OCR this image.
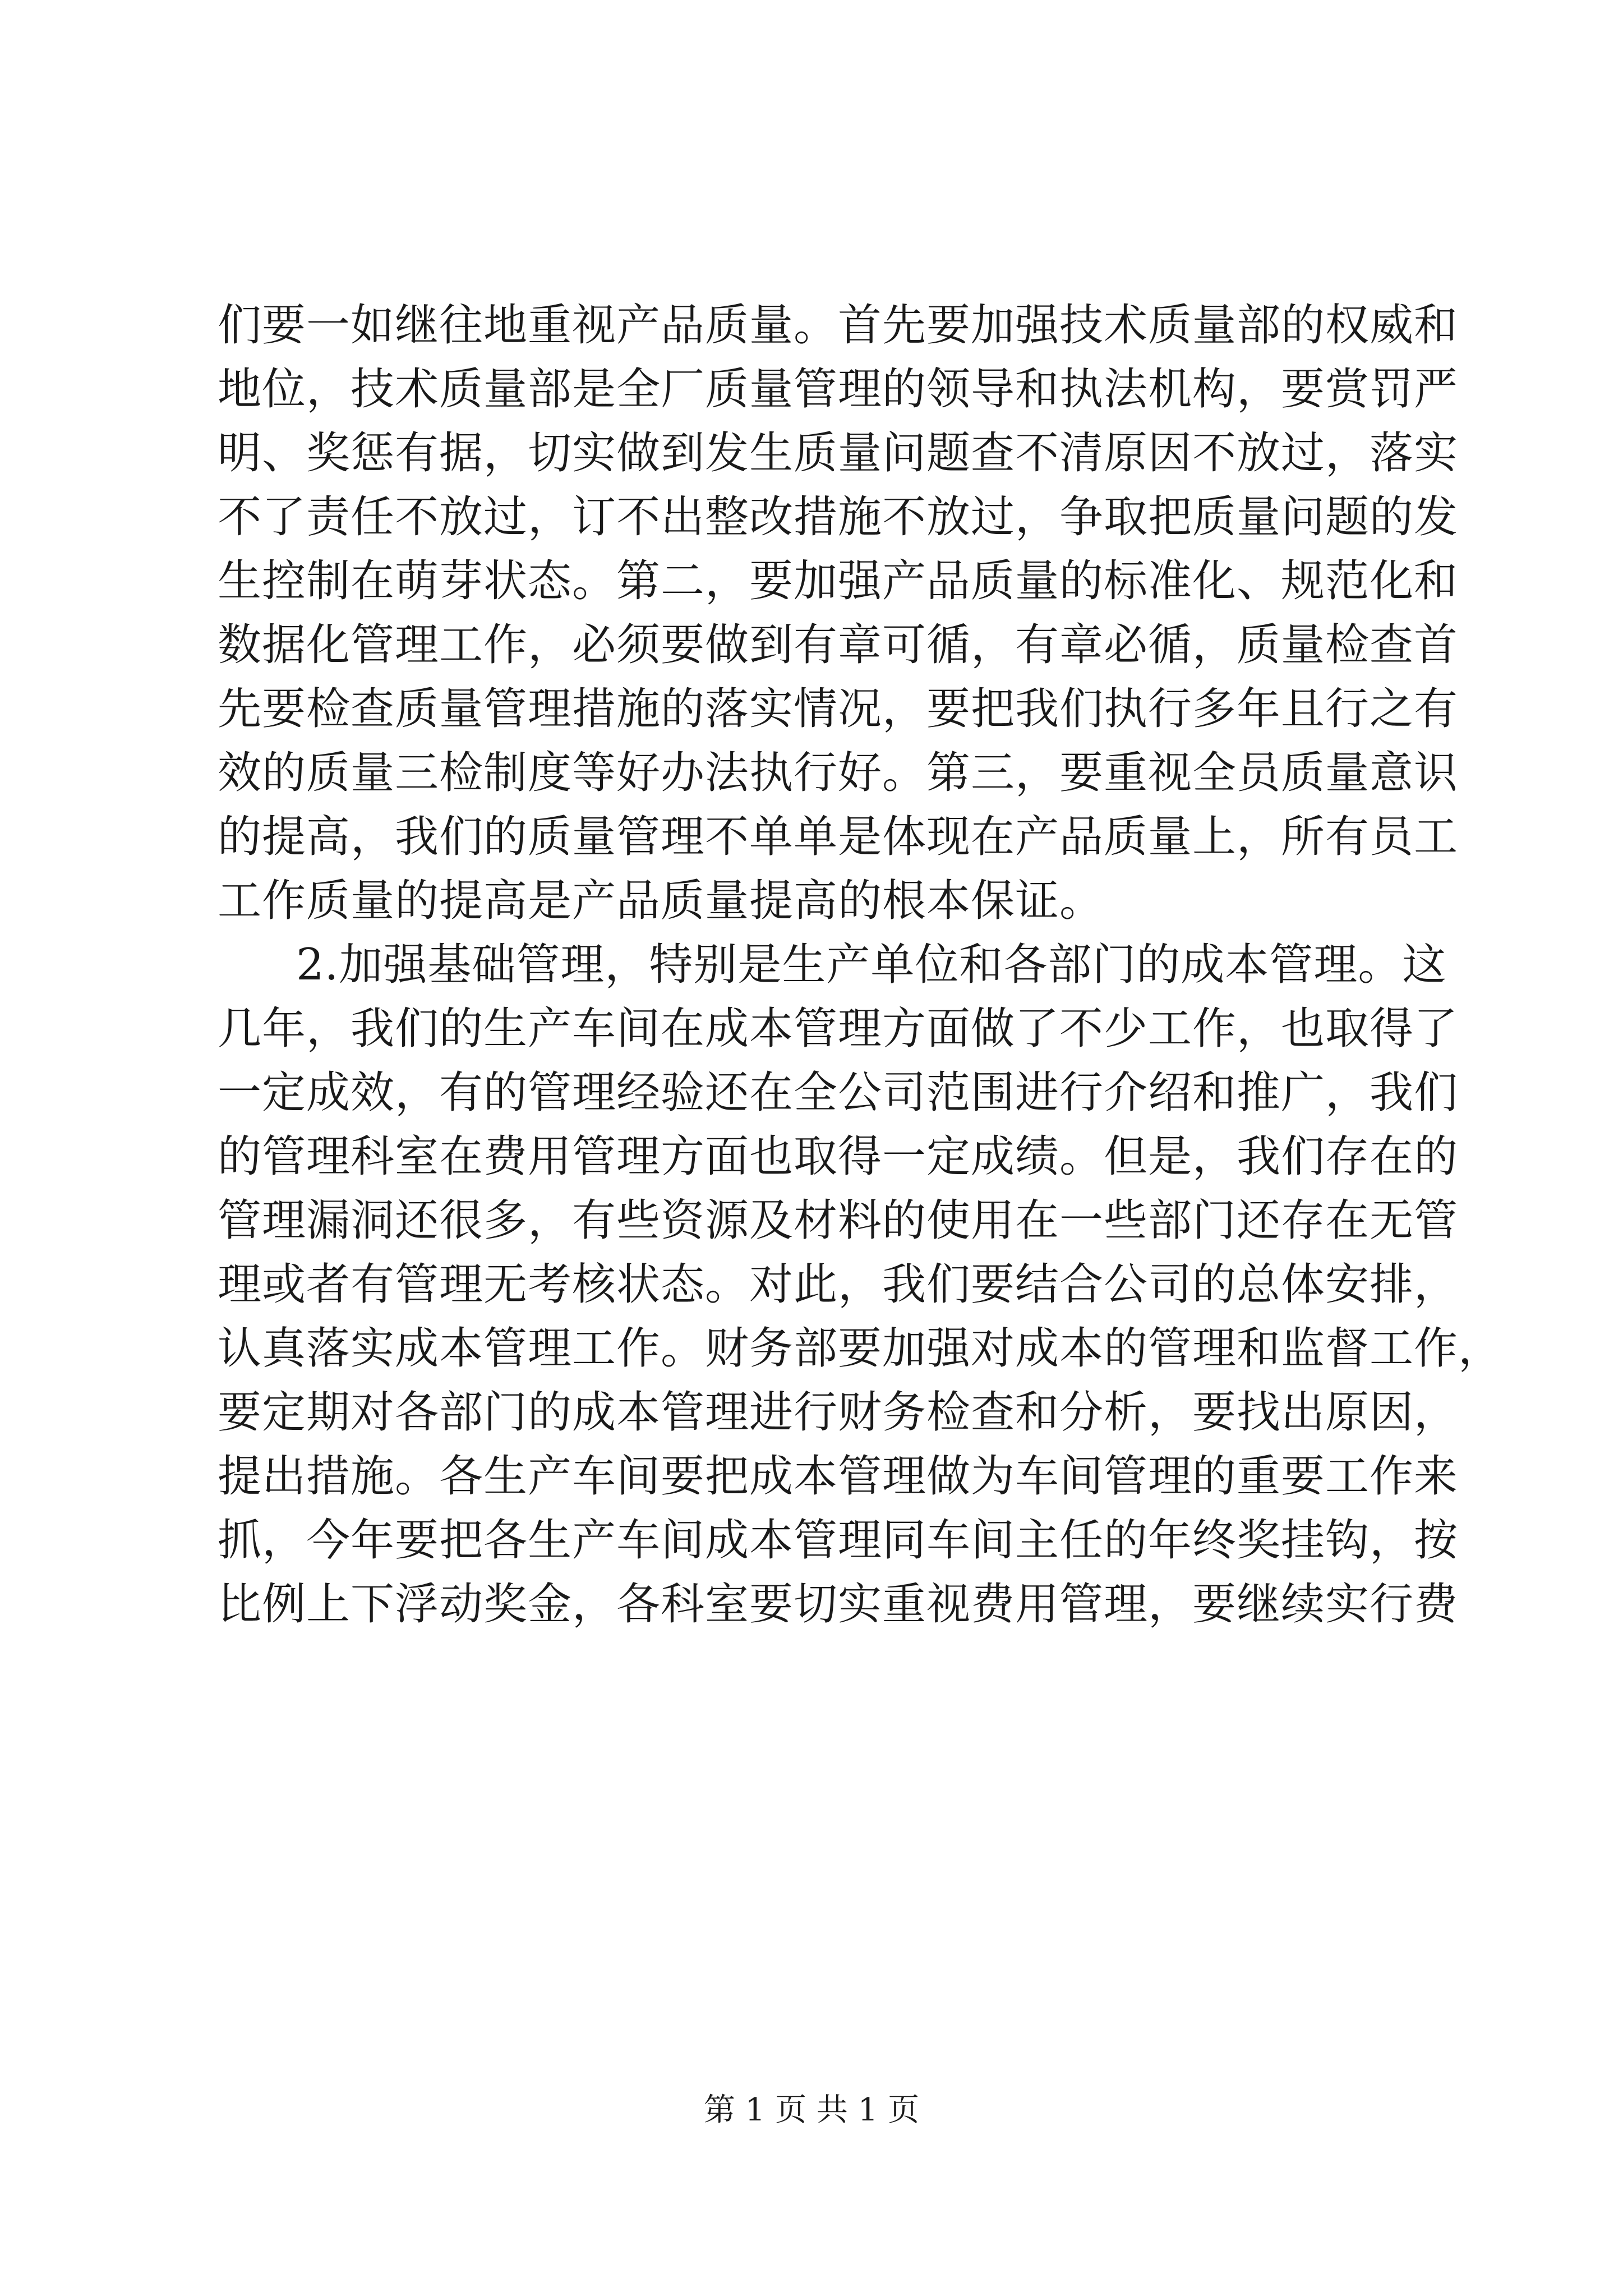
们要一如继往地重视产品质量。首先要加强技术质量部的权威和
地位，技术质量部是全厂质量管理的领导和执法机构，要赏罚严
明、奖惩有据，切实做到发生质量问题查不清原因不放过，落实
不了责任不放过，订不出整改措施不放过，争取把质量问题的发
生控制在萌芽状态。第二，要加强产品质量的标准化、规范化和
数据化管理工作，必须要做到有章可循，有章必循，质量检查首
先要检查质量管理措施的落实情况，要把我们执行多年且行之有
效的质量三检制度等好办法执行好。第三，要重视全员质量意识
的提高，我们的质量管理不单单是体现在产品质量上，所有员工
工作质量的提高是产品质量提高的根本保证。
2.加强基础管理，特别是生产单位和各部门的成本管理。这
几年，我们的生产车间在成本管理方面做了不少工作，也取得了
一定成效，有的管理经验还在全公司范围进行介绍和推广，我们
的管理科室在费用管理方面也取得一定成绩。但是，我们存在的
管理漏洞还很多，有些资源及材料的使用在一些部门还存在无管
理或者有管理无考核状态。对此，我们要结合公司的总体安排，
认真落实成本管理工作。财务部要加强对成本的管理和监督工作，
要定期对各部门的成本管理进行财务检查和分析，要找出原因，
提出措施。各生产车间要把成本管理做为车间管理的重要工作来
抓，今年要把各生产车间成本管理同车间主任的年终奖挂钩，按
比例上下浮动奖金，各科室要切实重视费用管理，要继续实行费
第 1 页 共 1 页
